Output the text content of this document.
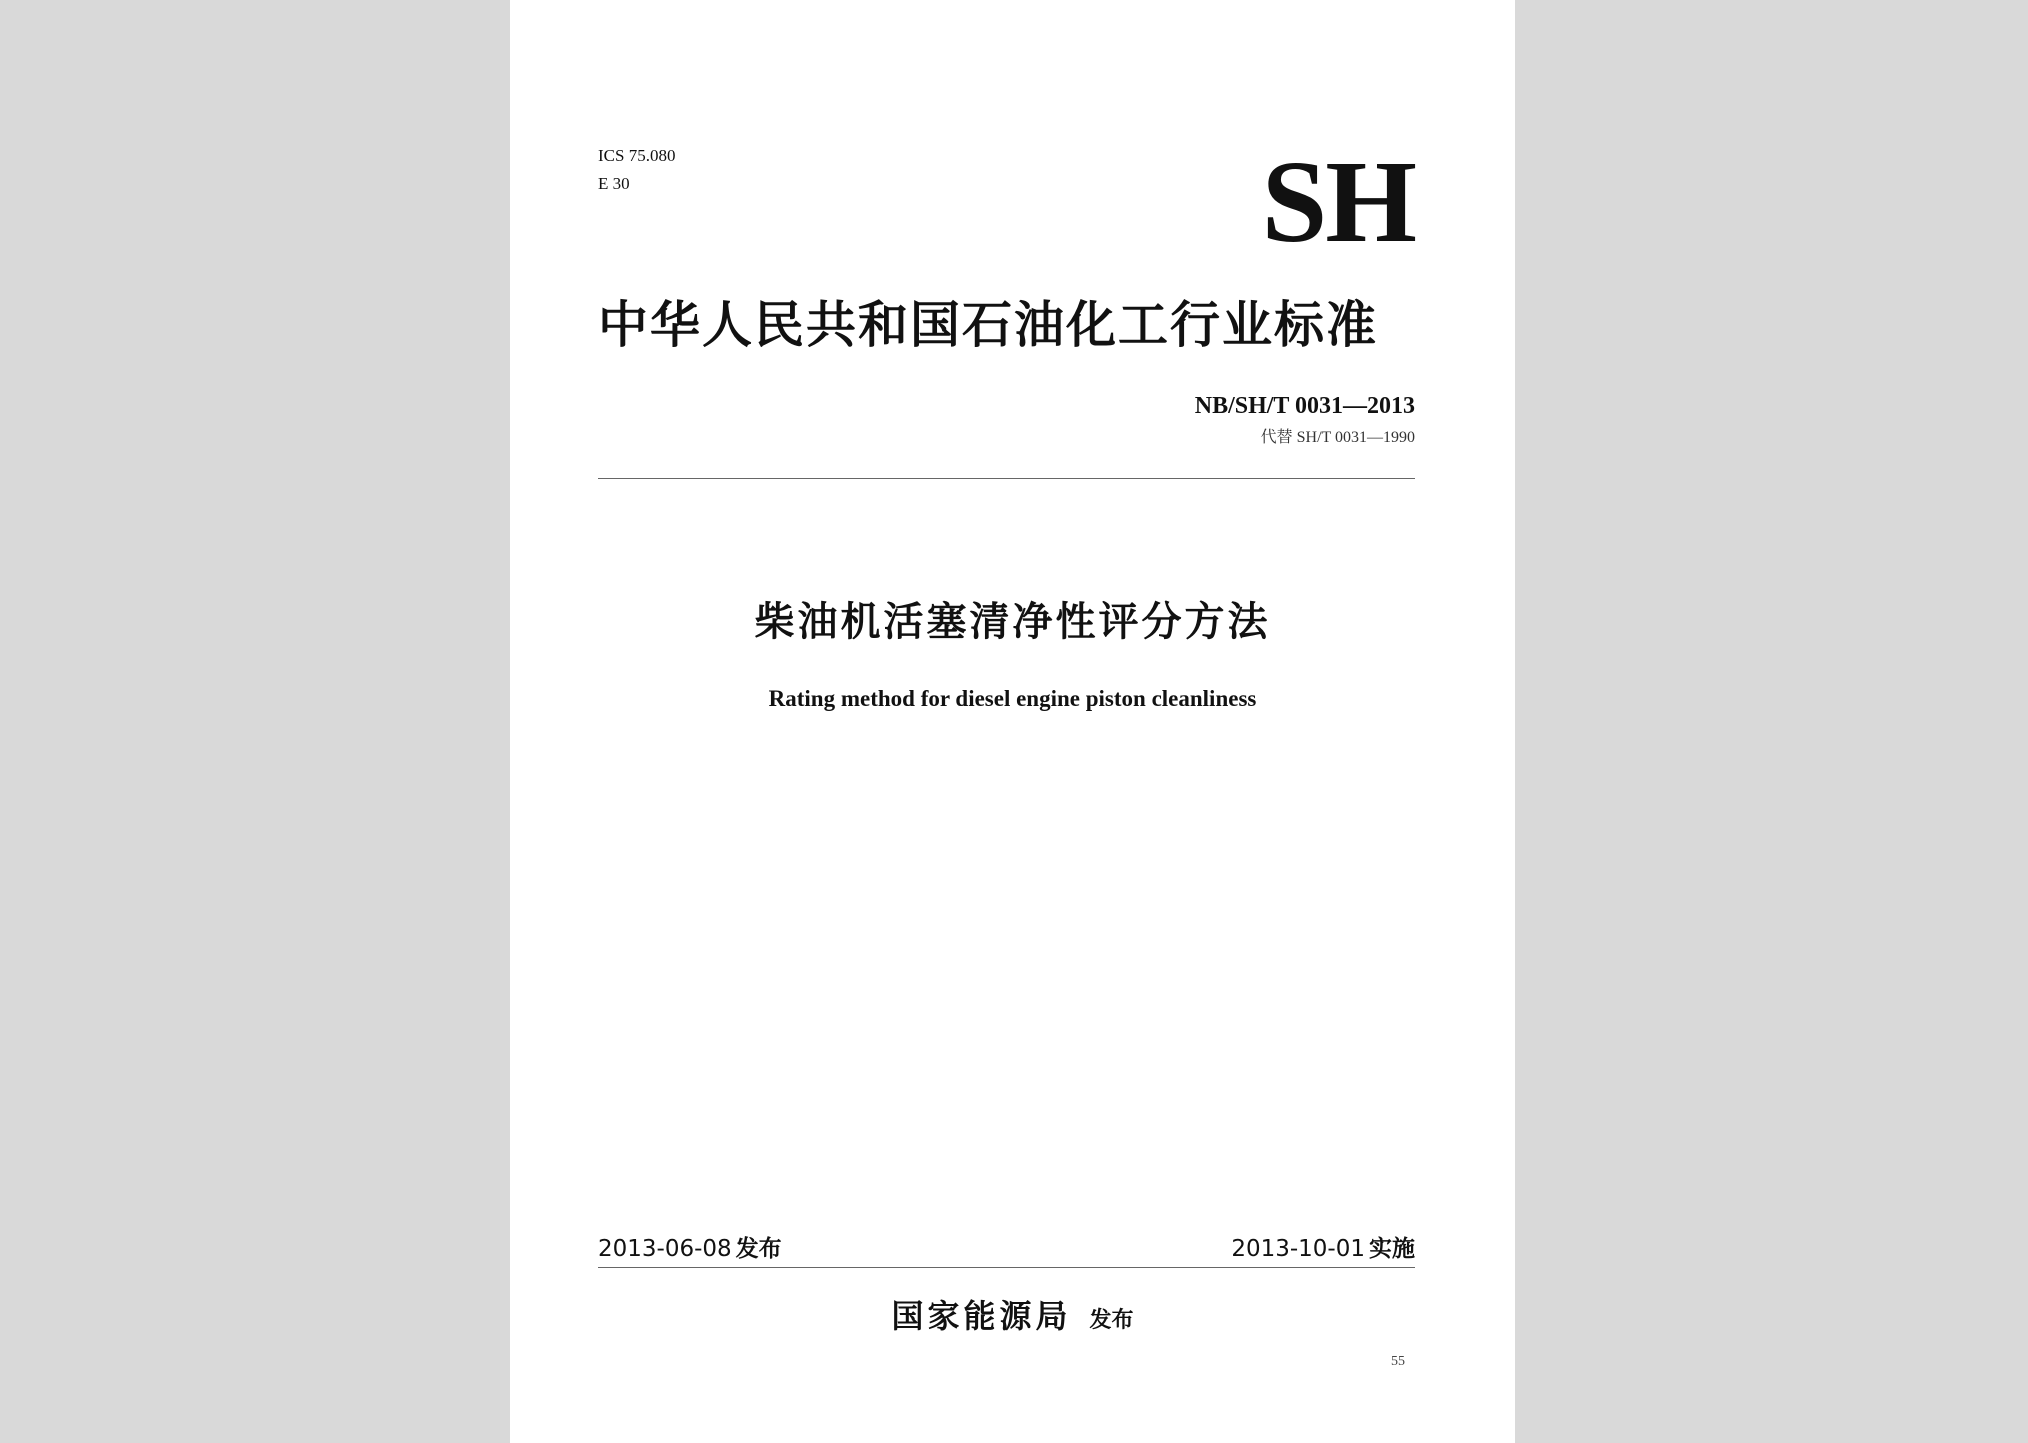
ICS 75.080
E 30	SH
中华人民共和国石油化工行业标准
NB/SH/T 0031—2013
代替 SH/T 0031—1990
柴油机活塞清净性评分方法
Rating method for diesel engine piston cleanliness
2013-06-08 发布	2013-10-01 实施
国家能源局 发布
55
